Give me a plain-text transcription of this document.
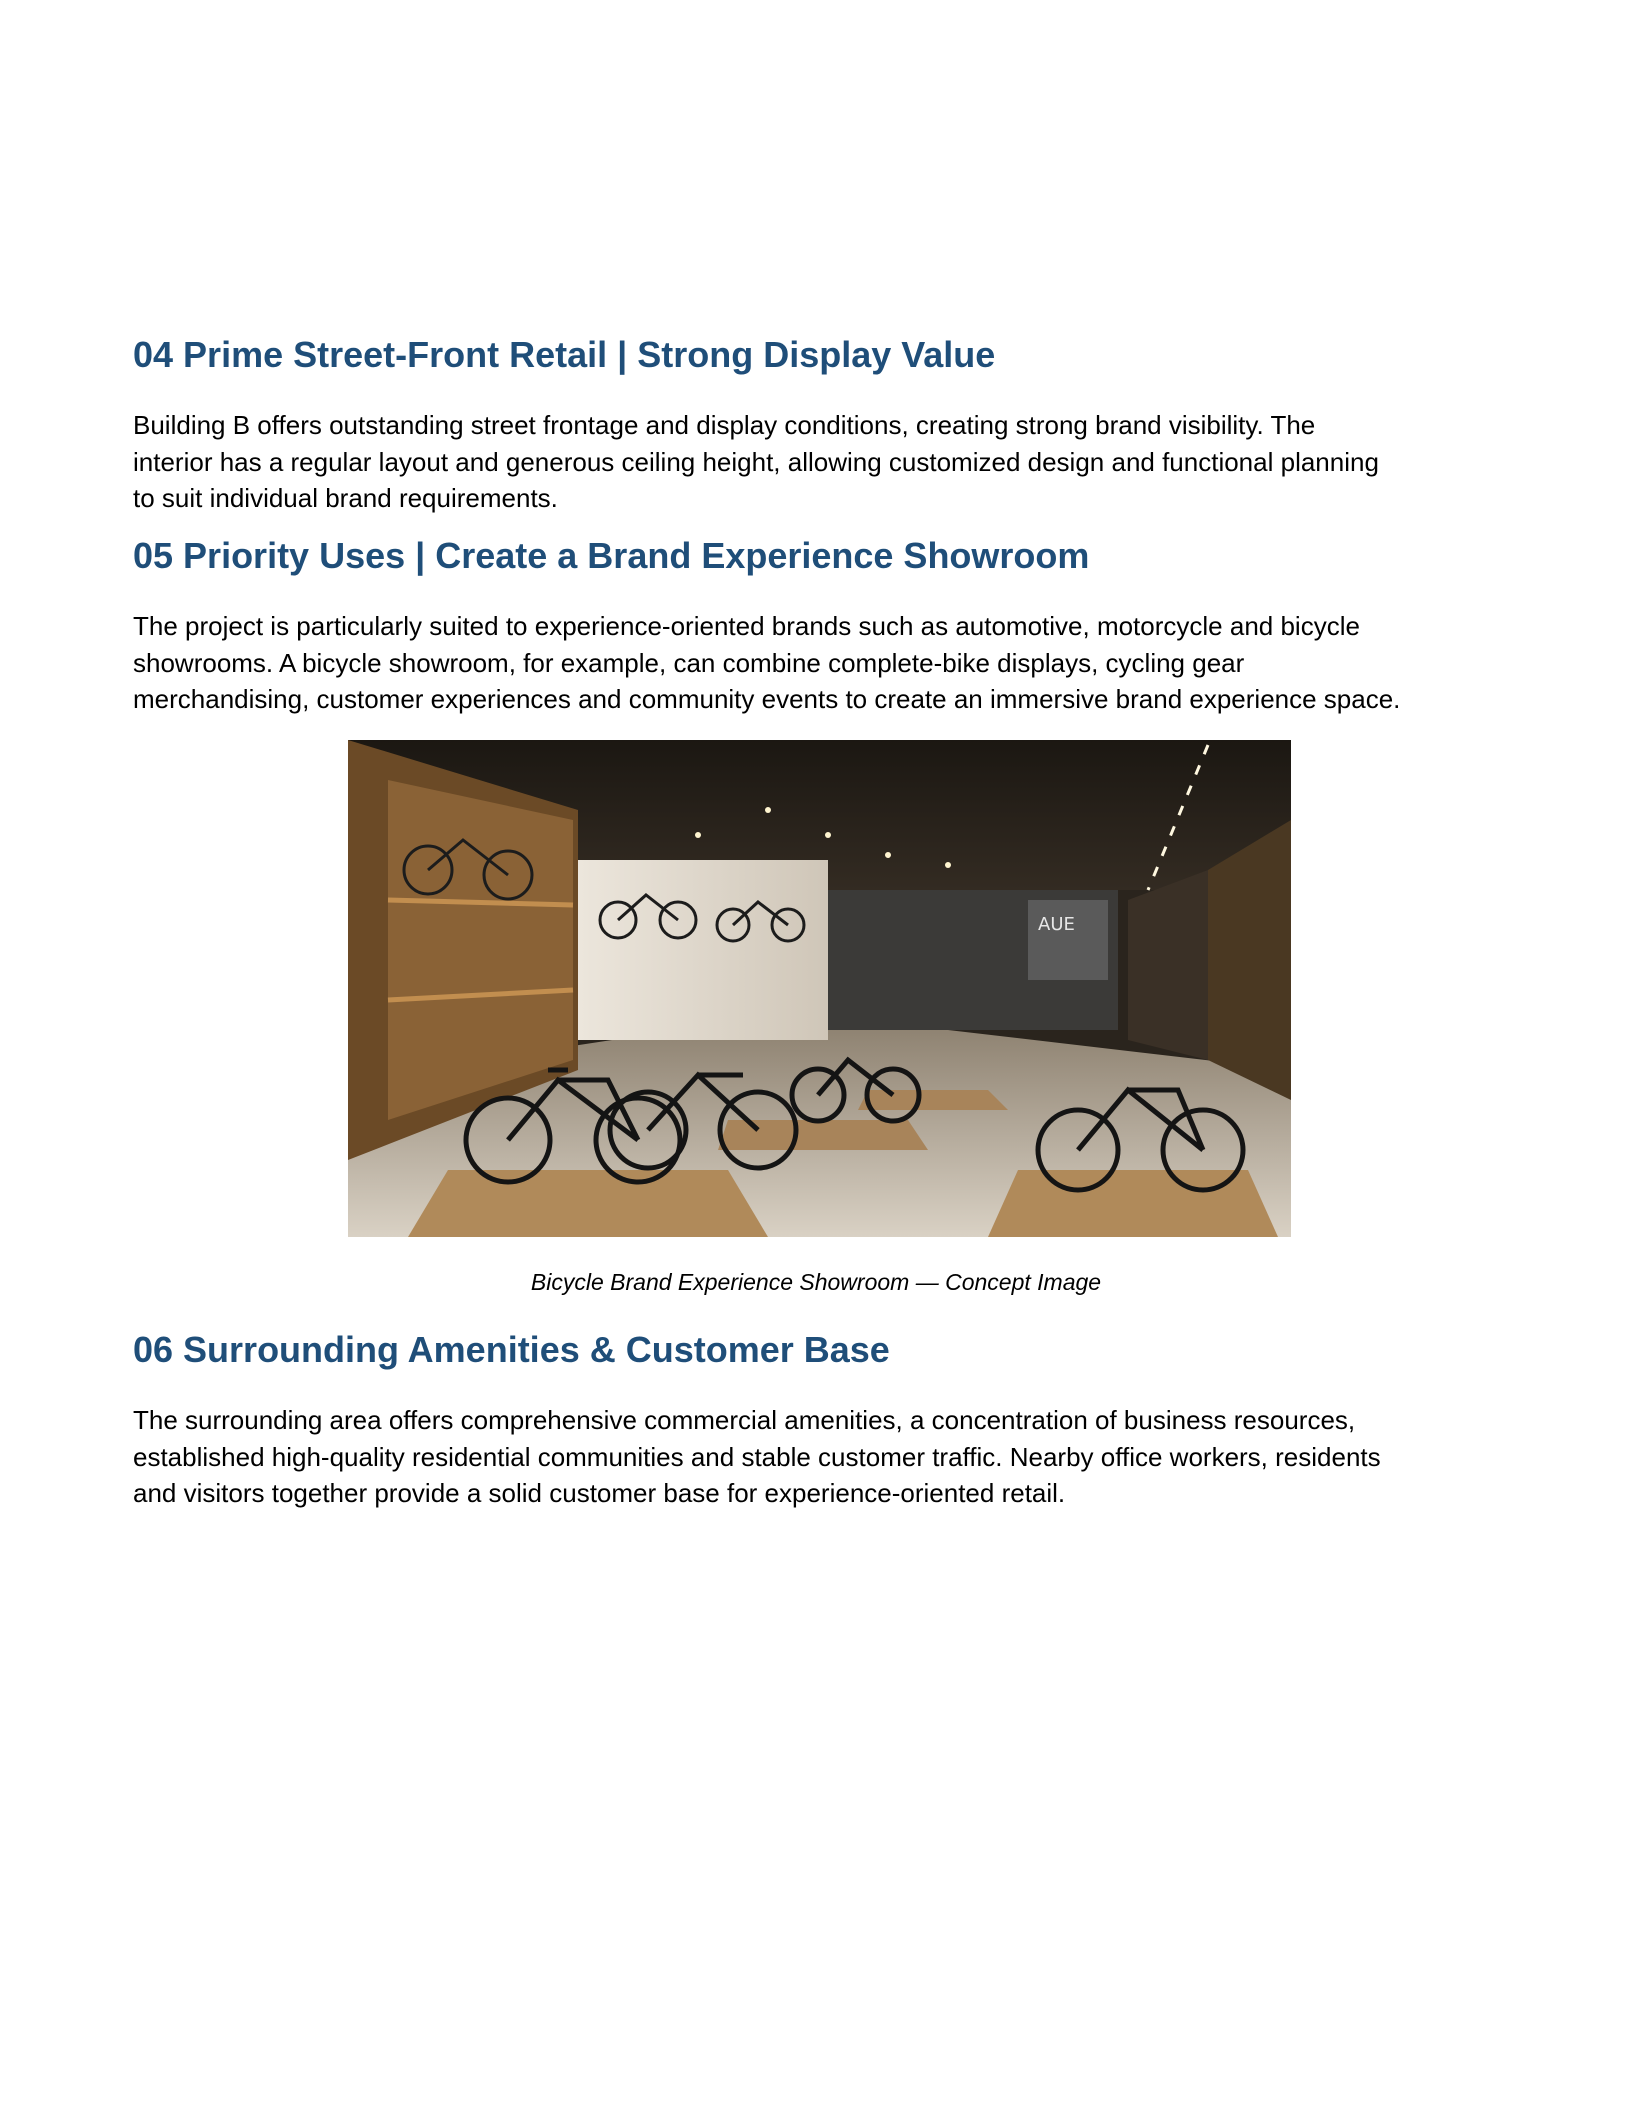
04 Prime Street-Front Retail | Strong Display Value

Building B offers outstanding street frontage and display conditions, creating strong brand visibility. The
interior has a regular layout and generous ceiling height, allowing customized design and functional planning
to suit individual brand requirements.

05 Priority Uses | Create a Brand Experience Showroom

The project is particularly suited to experience-oriented brands such as automotive, motorcycle and bicycle
showrooms. A bicycle showroom, for example, can combine complete-bike displays, cycling gear
merchandising, customer experiences and community events to create an immersive brand experience space.

AUE

Bicycle Brand Experience Showroom — Concept Image

06 Surrounding Amenities & Customer Base

The surrounding area offers comprehensive commercial amenities, a concentration of business resources,
established high-quality residential communities and stable customer traffic. Nearby office workers, residents
and visitors together provide a solid customer base for experience-oriented retail.
